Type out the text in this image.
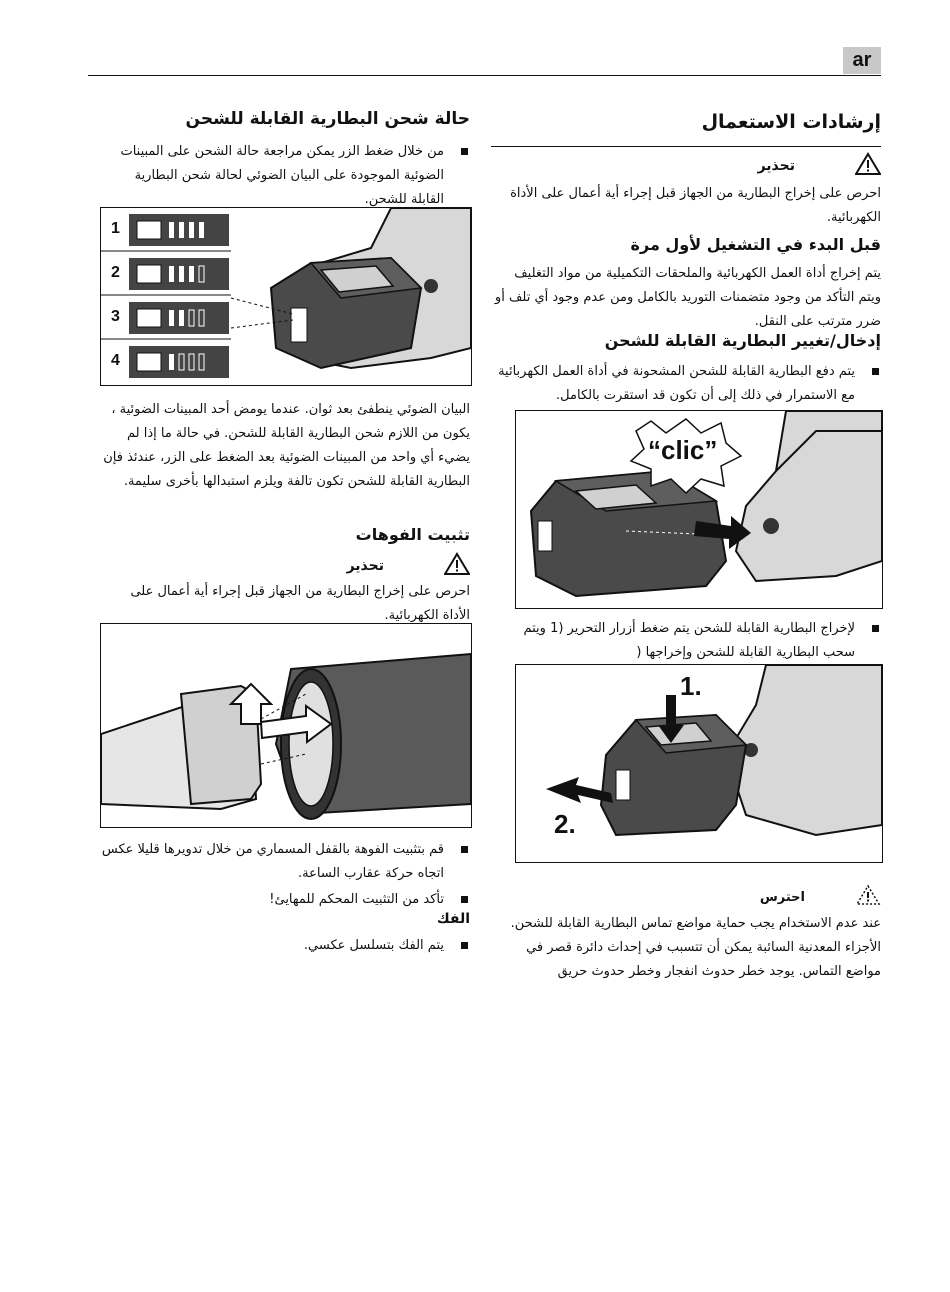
ar
إرشادات الاستعمال
تحذير
احرص على إخراج البطارية من الجهاز قبل إجراء أية أعمال على الأداة الكهربائية.
قبل البدء في التشغيل لأول مرة
يتم إخراج أداة العمل الكهربائية والملحقات التكميلية من مواد التغليف ويتم التأكد من وجود متضمنات التوريد بالكامل ومن عدم وجود أي تلف أو ضرر مترتب على النقل.
إدخال/تغيير البطارية القابلة للشحن
يتم دفع البطارية القابلة للشحن المشحونة في أداة العمل الكهربائية مع الاستمرار في ذلك إلى أن تكون قد استقرت بالكامل.
“clic”
لإخراج البطارية القابلة للشحن يتم ضغط أزرار التحرير (1 ويتم سحب البطارية القابلة للشحن وإخراجها (
1.
2.
احترس
عند عدم الاستخدام يجب حماية مواضع تماس البطارية القابلة للشحن. الأجزاء المعدنية السائبة يمكن أن تتسبب في إحداث دائرة قصر في مواضع التماس. يوجد خطر حدوث انفجار وخطر حدوث حريق
حالة شحن البطارية القابلة للشحن
من خلال ضغط الزر يمكن مراجعة حالة الشحن على المبينات الضوئية الموجودة على البيان الضوئي لحالة شحن البطارية القابلة للشحن.
1
2
3
4
البيان الضوئي ينطفئ بعد ثوان. عندما يومض أحد المبينات الضوئية ، يكون من اللازم شحن البطارية القابلة للشحن. في حالة ما إذا لم يضيء أي واحد من المبينات الضوئية بعد الضغط على الزر، عندئذ فإن البطارية القابلة للشحن تكون تالفة ويلزم استبدالها بأخرى سليمة.
تثبيت الفوهات
تحذير
احرص على إخراج البطارية من الجهاز قبل إجراء أية أعمال على الأداة الكهربائية.
قم بتثبيت الفوهة بالقفل المسماري من خلال تدويرها قليلا عكس اتجاه حركة عقارب الساعة.
تأكد من التثبيت المحكم للمهايئ!
الفك
يتم الفك بتسلسل عكسي.
